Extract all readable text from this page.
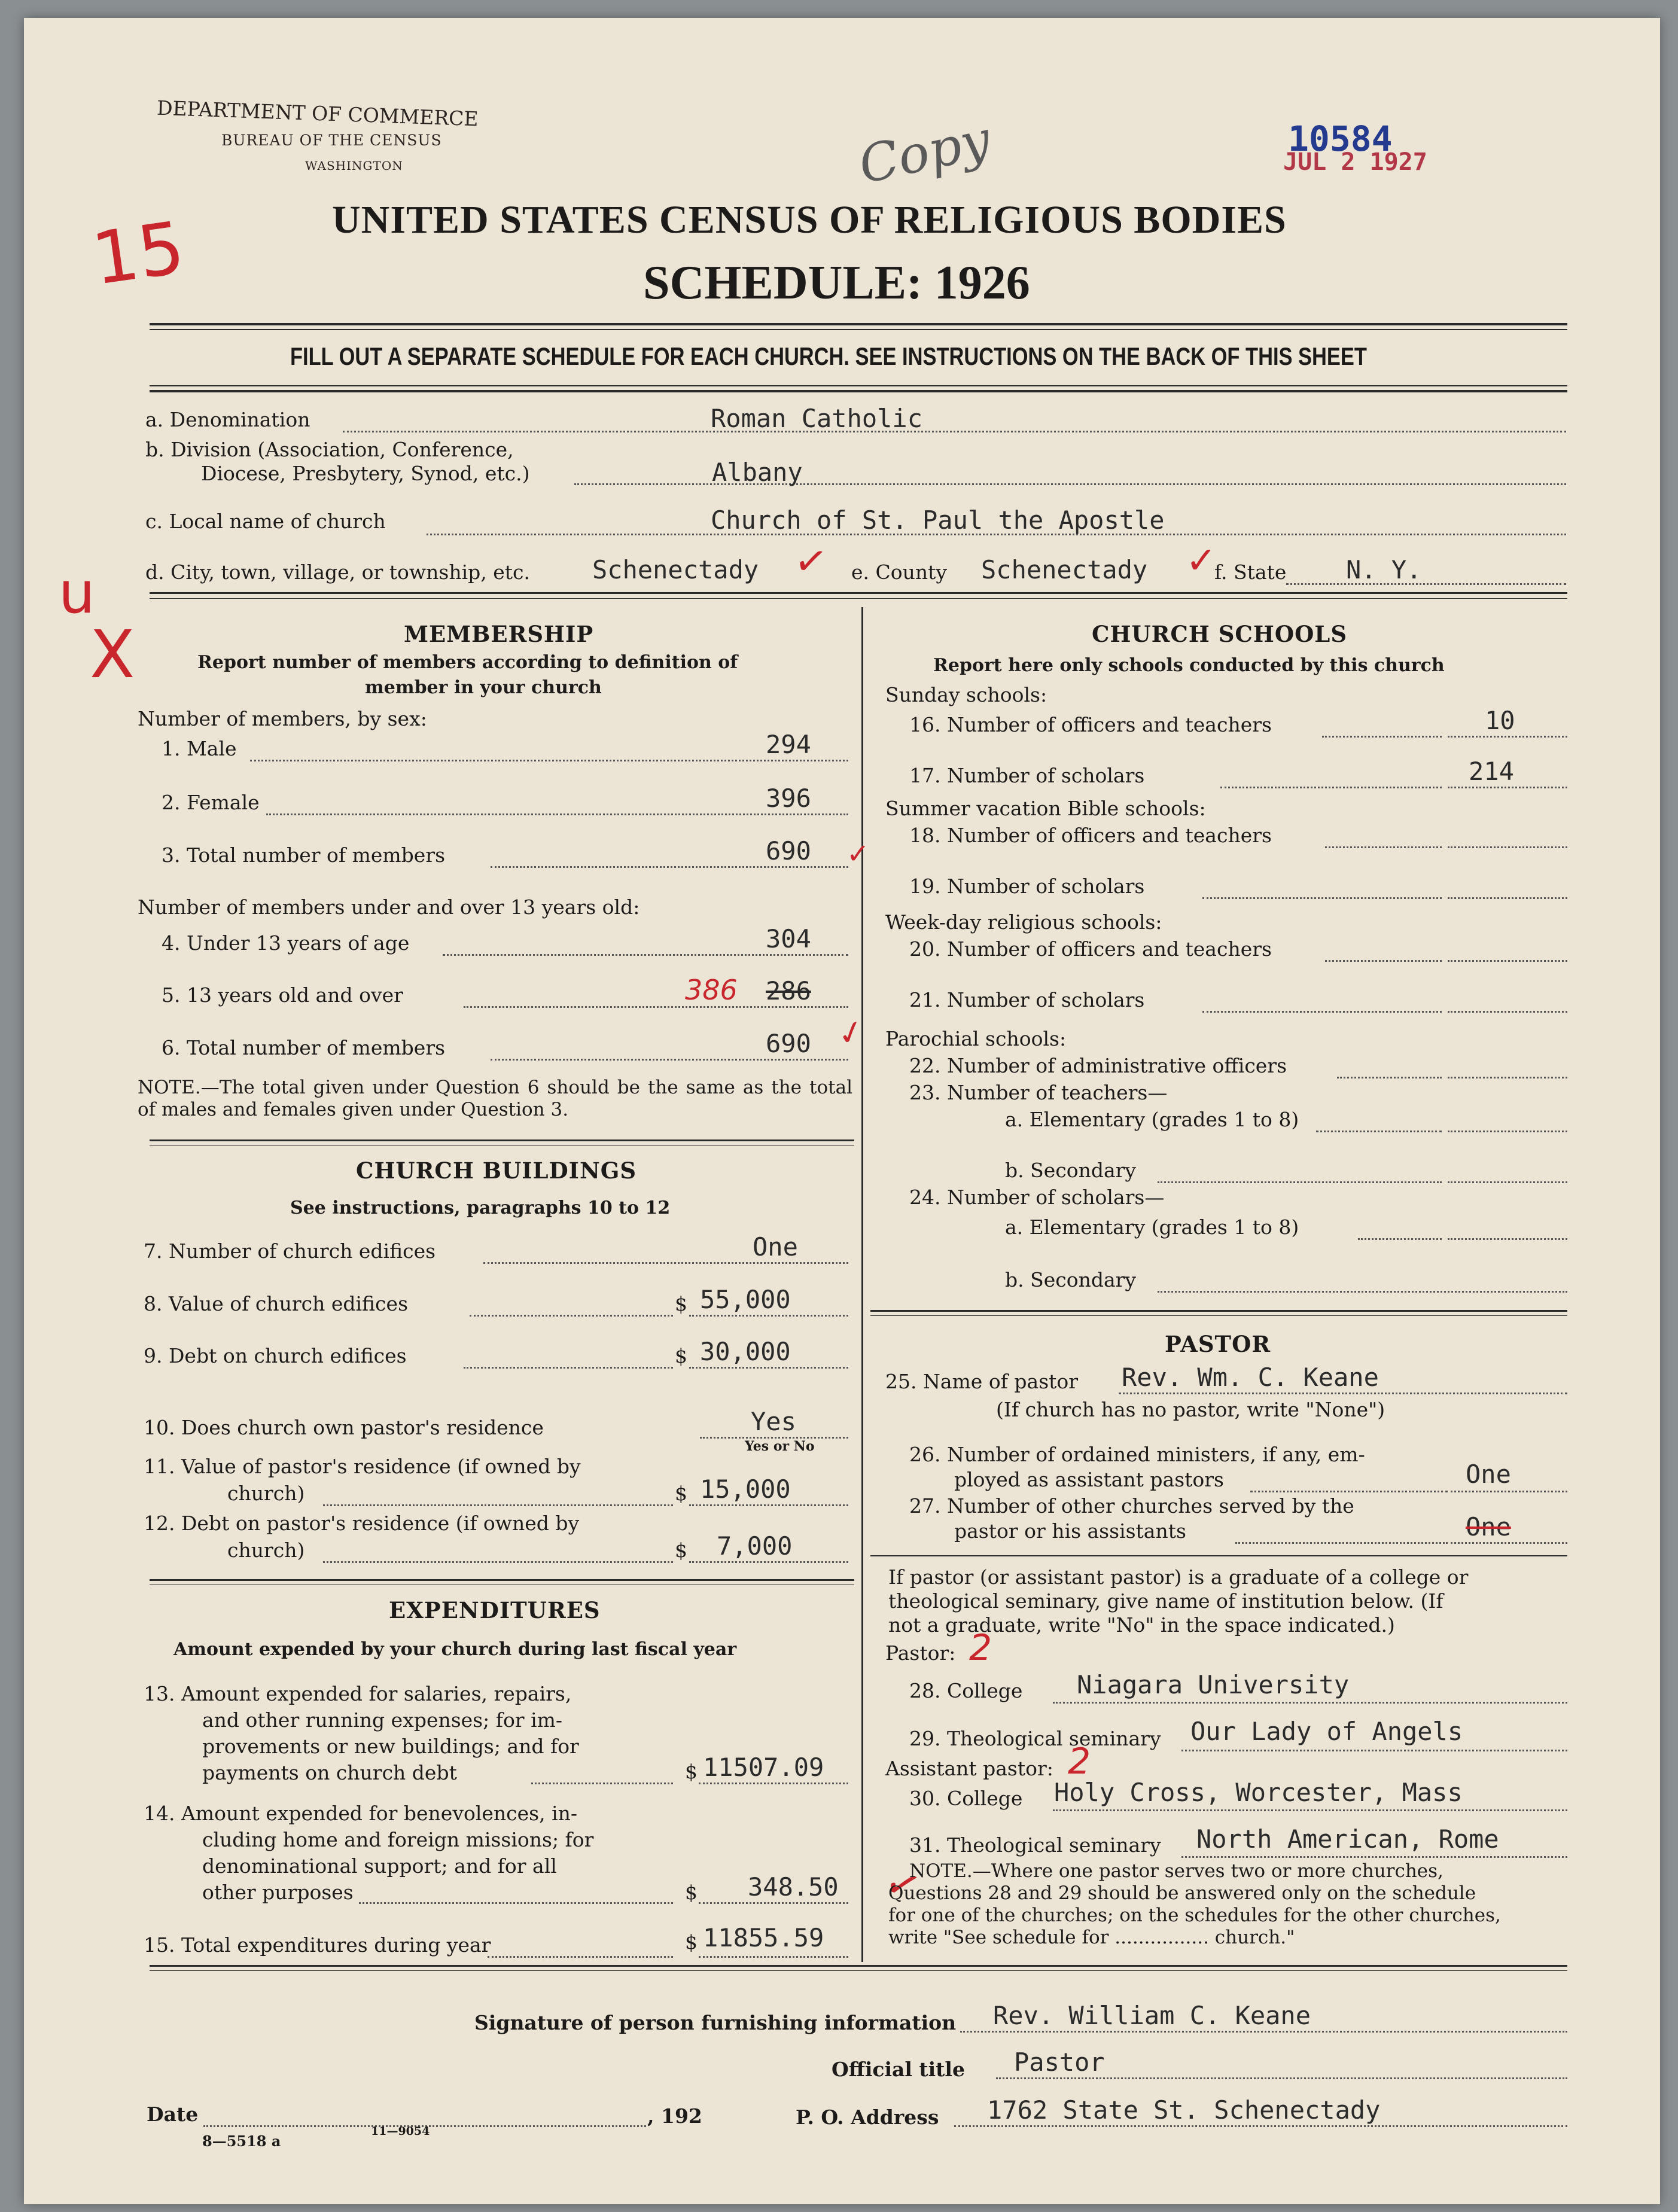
DEPARTMENT OF COMMERCE
BUREAU OF THE CENSUS
WASHINGTON
10584
JUL 2 1927
Copy
15	UNITED STATES CENSUS OF RELIGIOUS BODIES
SCHEDULE: 1926
FILL OUT A SEPARATE SCHEDULE FOR EACH CHURCH. SEE INSTRUCTIONS ON THE BACK OF THIS SHEET
a. Denomination	Roman Catholic
b. Division (Association, Conference,
Diocese, Presbytery, Synod, etc.)	Albany
c. Local name of church	Church of St. Paul the Apostle
d. City, town, village, or township, etc. Schenectady ✓ e. County Schenectady ✓
f. State N. Y.
u
X	MEMBERSHIP
Report number of members according to definition of
member in your church
Number of members, by sex:
1. Male	294
2. Female	396
3. Total number of members	690 ✓
Number of members under and over 13 years old:
4. Under 13 years of age	304
5. 13 years old and over	386 286
6. Total number of members	690 ✓
NOTE.—The total given under Question 6 should be the same as the total of males and females given under Question 3.
CHURCH BUILDINGS
See instructions, paragraphs 10 to 12
7. Number of church edifices	One
8. Value of church edifices	$ 55,000
9. Debt on church edifices	$ 30,000
10. Does church own pastor's residence	Yes
Yes or No
11. Value of pastor's residence (if owned by
church)	$ 15,000
12. Debt on pastor's residence (if owned by
church)	$ 7,000
EXPENDITURES
Amount expended by your church during last fiscal year
13. Amount expended for salaries, repairs,
and other running expenses; for im-
provements or new buildings; and for
payments on church debt	$ 11507.09
14. Amount expended for benevolences, in-
cluding home and foreign missions; for
denominational support; and for all
other purposes	$ 348.50 ✓
15. Total expenditures during year	$ 11855.59
CHURCH SCHOOLS
Report here only schools conducted by this church
Sunday schools:
16. Number of officers and teachers	10
17. Number of scholars	214
Summer vacation Bible schools:
18. Number of officers and teachers
19. Number of scholars
Week-day religious schools:
20. Number of officers and teachers
21. Number of scholars
Parochial schools:
22. Number of administrative officers
23. Number of teachers—
a. Elementary (grades 1 to 8)
b. Secondary
24. Number of scholars—
a. Elementary (grades 1 to 8)
b. Secondary
PASTOR
25. Name of pastor Rev. Wm. C. Keane
(If church has no pastor, write "None")
26. Number of ordained ministers, if any, em-
ployed as assistant pastors	One
27. Number of other churches served by the
pastor or his assistants	One
If pastor (or assistant pastor) is a graduate of a college or
theological seminary, give name of institution below. (If
not a graduate, write "No" in the space indicated.)
Pastor: 2
28. College Niagara University
29. Theological seminary Our Lady of Angels
Assistant pastor: 2
30. College Holy Cross, Worcester, Mass
31. Theological seminary North American, Rome
NOTE.—Where one pastor serves two or more churches,
Questions 28 and 29 should be answered only on the schedule
for one of the churches; on the schedules for the other churches,
write "See schedule for ................ church."
Signature of person furnishing information Rev. William C. Keane
Official title Pastor
P. O. Address 1762 State St. Schenectady
Date	, 192
8—5518 a
11—9054
